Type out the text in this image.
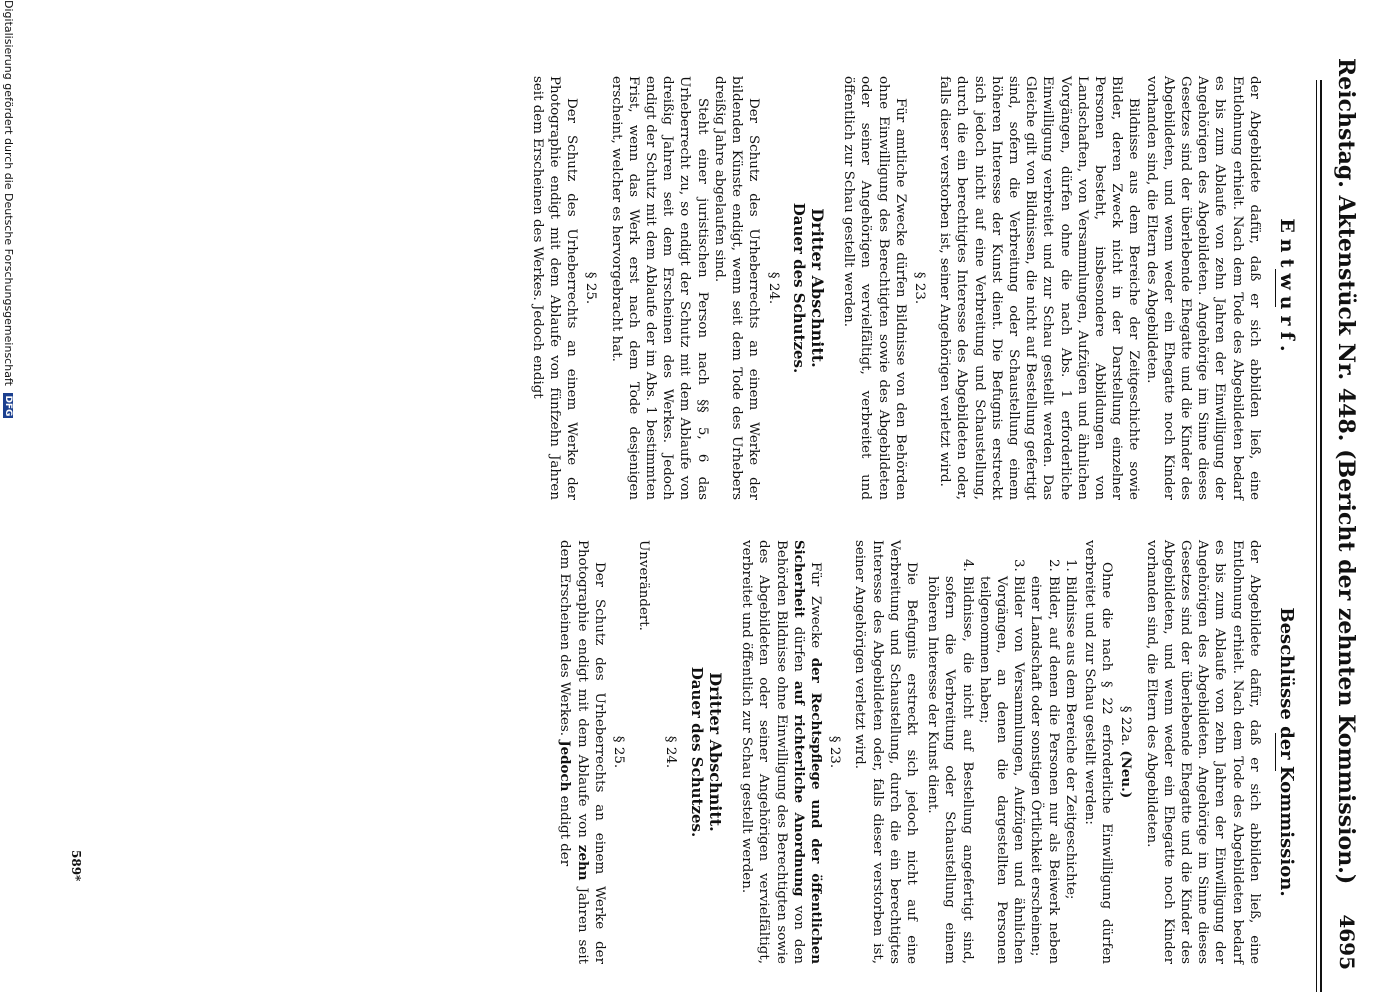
Reichstag. Aktenstück Nr. 448. (Bericht der zehnten Kommission.)
4695
Entwurf.

der Abgebildete dafür, daß er sich abbilden ließ, eine Entlohnung erhielt. Nach dem Tode des Abgebildeten bedarf es bis zum Ablaufe von zehn Jahren der Einwilligung der Angehörigen des Abgebildeten. Angehörige im Sinne dieses Gesetzes sind der überlebende Ehegatte und die Kinder des Abgebildeten, und wenn weder ein Ehegatte noch Kinder vorhanden sind, die Eltern des Abgebildeten.

Bildnisse aus dem Bereiche der Zeitgeschichte sowie Bilder, deren Zweck nicht in der Darstellung einzelner Personen besteht, insbesondere Abbildungen von Landschaften, von Versammlungen, Aufzügen und ähnlichen Vorgängen, dürfen ohne die nach Abs. 1 erforderliche Einwilligung verbreitet und zur Schau gestellt werden. Das Gleiche gilt von Bildnissen, die nicht auf Bestellung gefertigt sind, sofern die Verbreitung oder Schaustellung einem höheren Interesse der Kunst dient. Die Befugnis erstreckt sich jedoch nicht auf eine Verbreitung und Schaustellung, durch die ein berechtigtes Interesse des Abgebildeten oder, falls dieser verstorben ist, seiner Angehörigen verletzt wird.

§ 23.

Für amtliche Zwecke dürfen Bildnisse von den Behörden ohne Einwilligung des Berechtigten sowie des Abgebildeten oder seiner Angehörigen vervielfältigt, verbreitet und öffentlich zur Schau gestellt werden.

Dritter Abschnitt.
Dauer des Schutzes.
§ 24.

Der Schutz des Urheberrechts an einem Werke der bildenden Künste endigt, wenn seit dem Tode des Urhebers dreißig Jahre abgelaufen sind.

Steht einer juristischen Person nach §§ 5, 6 das Urheberrecht zu, so endigt der Schutz mit dem Ablaufe von dreißig Jahren seit dem Erscheinen des Werkes. Jedoch endigt der Schutz mit dem Ablaufe der im Abs. 1 bestimmten Frist, wenn das Werk erst nach dem Tode desjenigen erscheint, welcher es hervorgebracht hat.

§ 25.

Der Schutz des Urheberrechts an einem Werke der Photographie endigt mit dem Ablaufe von fünfzehn Jahren seit dem Erscheinen des Werkes. Jedoch endigt

Beschlüsse der Kommission.

der Abgebildete dafür, daß er sich abbilden ließ, eine Entlohnung erhielt. Nach dem Tode des Abgebildeten bedarf es bis zum Ablaufe von zehn Jahren der Einwilligung der Angehörigen des Abgebildeten. Angehörige im Sinne dieses Gesetzes sind der überlebende Ehegatte und die Kinder des Abgebildeten, und wenn weder ein Ehegatte noch Kinder vorhanden sind, die Eltern des Abgebildeten.

§ 22a. (Neu.)

Ohne die nach § 22 erforderliche Einwilligung dürfen verbreitet und zur Schau gestellt werden:

1. Bildnisse aus dem Bereiche der Zeitgeschichte;
2. Bilder, auf denen die Personen nur als Beiwerk neben einer Landschaft oder sonstigen Örtlichkeit erscheinen;
3. Bilder von Versammlungen, Aufzügen und ähnlichen Vorgängen, an denen die dargestellten Personen teilgenommen haben;
4. Bildnisse, die nicht auf Bestellung angefertigt sind, sofern die Verbreitung oder Schaustellung einem höheren Interesse der Kunst dient.

Die Befugnis erstreckt sich jedoch nicht auf eine Verbreitung und Schaustellung, durch die ein berechtigtes Interesse des Abgebildeten oder, falls dieser verstorben ist, seiner Angehörigen verletzt wird.

§ 23.

Für Zwecke der Rechtspflege und der öffentlichen Sicherheit dürfen auf richterliche Anordnung von den Behörden Bildnisse ohne Einwilligung des Berechtigten sowie des Abgebildeten oder seiner Angehörigen vervielfältigt, verbreitet und öffentlich zur Schau gestellt werden.

Dritter Abschnitt.
Dauer des Schutzes.
§ 24.

Unverändert.

§ 25.

Der Schutz des Urheberrechts an einem Werke der Photographie endigt mit dem Ablaufe von zehn Jahren seit dem Erscheinen des Werkes. Jedoch endigt der

589*
Digitalisierung gefördert durch die Deutsche Forschungsgemeinschaft DFG
